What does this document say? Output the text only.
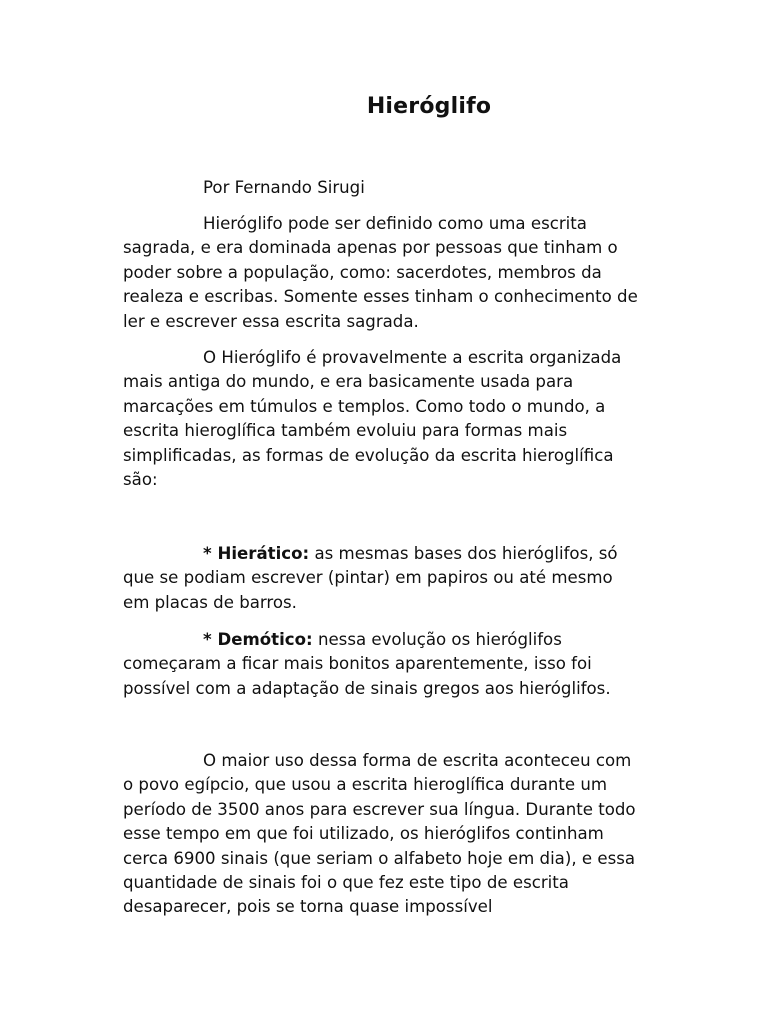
Hieróglifo

Por Fernando Sirugi

Hieróglifo pode ser definido como uma escrita sagrada, e era dominada apenas por pessoas que tinham o poder sobre a população, como: sacerdotes, membros da realeza e escribas. Somente esses tinham o conhecimento de ler e escrever essa escrita sagrada.

O Hieróglifo é provavelmente a escrita organizada mais antiga do mundo, e era basicamente usada para marcações em túmulos e templos. Como todo o mundo, a escrita hieroglífica também evoluiu para formas mais simplificadas, as formas de evolução da escrita hieroglífica são:

* Hierático: as mesmas bases dos hieróglifos, só que se podiam escrever (pintar) em papiros ou até mesmo em placas de barros.

* Demótico: nessa evolução os hieróglifos começaram a ficar mais bonitos aparentemente, isso foi possível com a adaptação de sinais gregos aos hieróglifos.

O maior uso dessa forma de escrita aconteceu com o povo egípcio, que usou a escrita hieroglífica durante um período de 3500 anos para escrever sua língua. Durante todo esse tempo em que foi utilizado, os hieróglifos continham cerca 6900 sinais (que seriam o alfabeto hoje em dia), e essa quantidade de sinais foi o que fez este tipo de escrita desaparecer, pois se torna quase impossível
